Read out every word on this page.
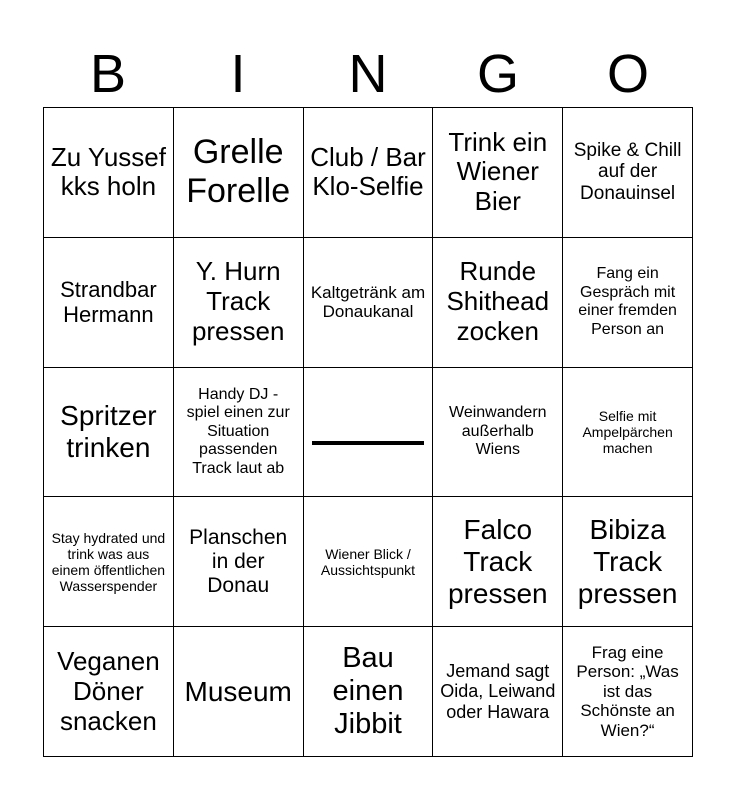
B	I	N	G	O
Zu Yussef kks holn
Grelle Forelle
Club / Bar Klo-Selfie
Trink ein Wiener Bier
Spike & Chill auf der Donauinsel
Strandbar Hermann
Y. Hurn Track pressen
Kaltgetränk am Donaukanal
Runde Shithead zocken
Fang ein Gespräch mit einer fremden Person an
Spritzer trinken
Handy DJ - spiel einen zur Situation passenden Track laut ab
Weinwandern außerhalb Wiens
Selfie mit Ampelpärchen machen
Stay hydrated und trink was aus einem öffentlichen Wasserspender
Planschen in der Donau
Wiener Blick / Aussichtspunkt
Falco Track pressen
Bibiza Track pressen
Veganen Döner snacken
Museum
Bau einen Jibbit
Jemand sagt Oida, Leiwand oder Hawara
Frag eine Person: „Was ist das Schönste an Wien?“
